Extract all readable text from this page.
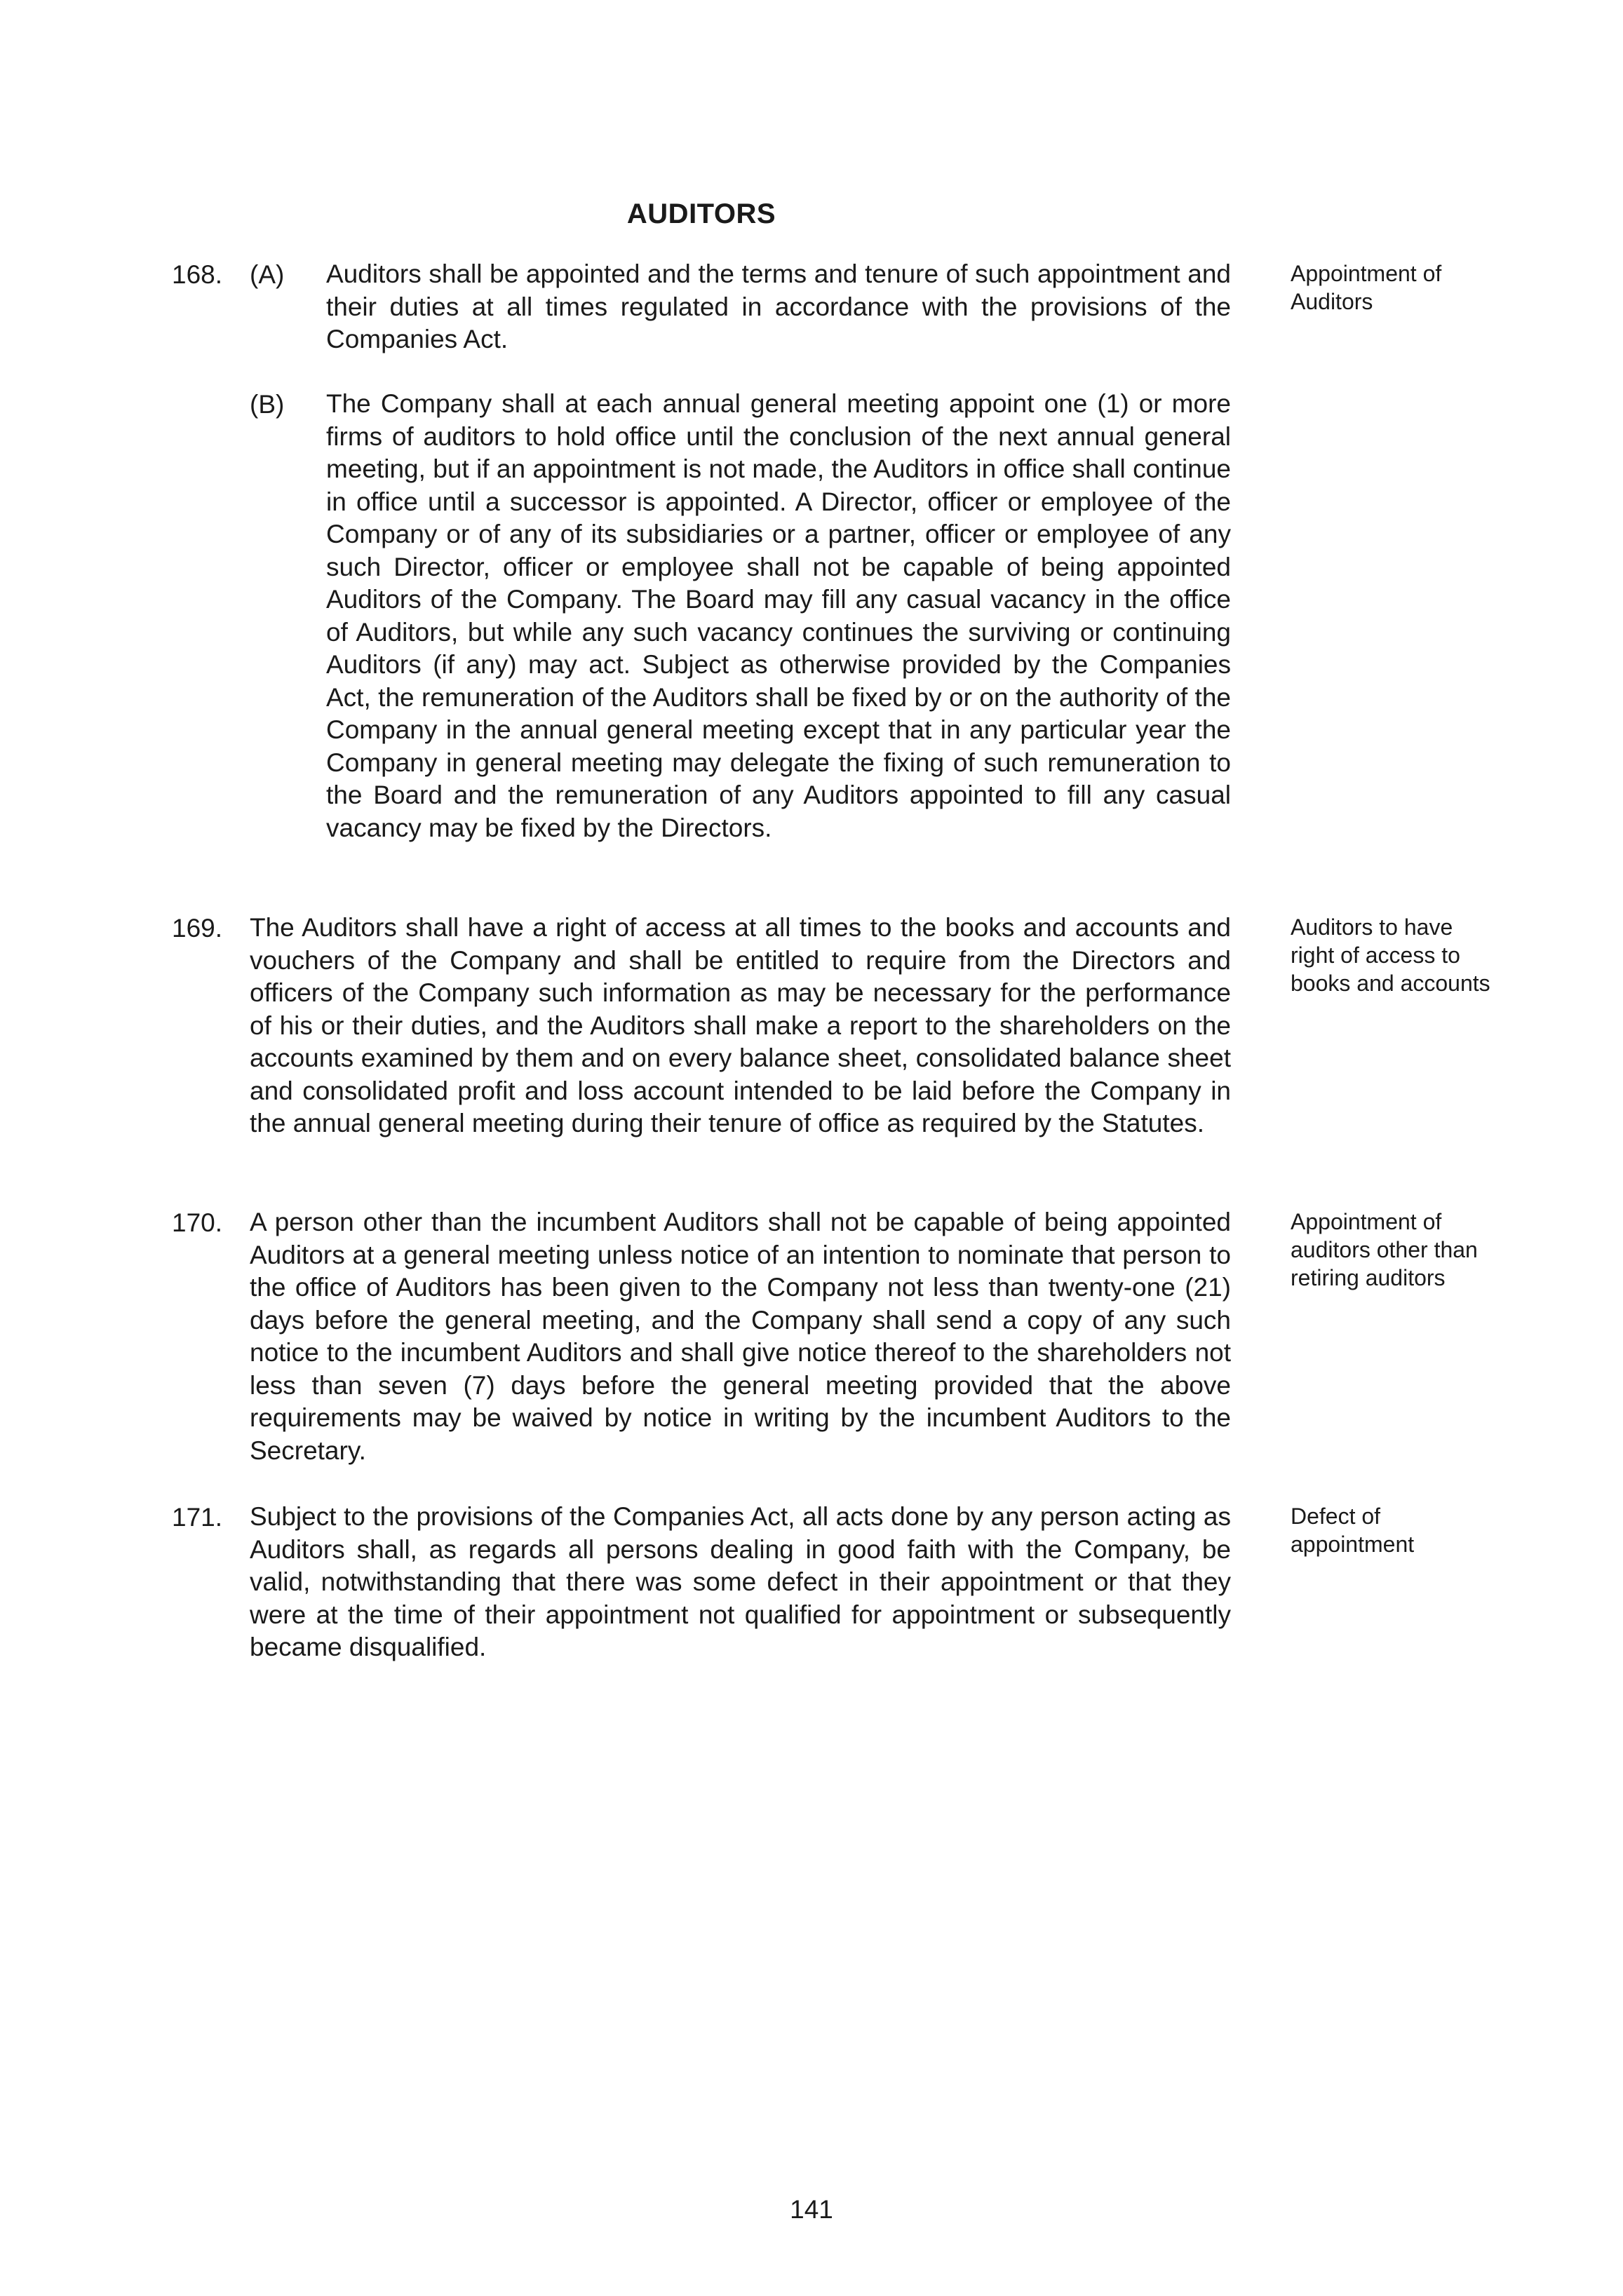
AUDITORS
168. (A) Auditors shall be appointed and the terms and tenure of such appointment and their duties at all times regulated in accordance with the provisions of the Companies Act.
Appointment of Auditors
(B) The Company shall at each annual general meeting appoint one (1) or more firms of auditors to hold office until the conclusion of the next annual general meeting, but if an appointment is not made, the Auditors in office shall continue in office until a successor is appointed. A Director, officer or employee of the Company or of any of its subsidiaries or a partner, officer or employee of any such Director, officer or employee shall not be capable of being appointed Auditors of the Company. The Board may fill any casual vacancy in the office of Auditors, but while any such vacancy continues the surviving or continuing Auditors (if any) may act. Subject as otherwise provided by the Companies Act, the remuneration of the Auditors shall be fixed by or on the authority of the Company in the annual general meeting except that in any particular year the Company in general meeting may delegate the fixing of such remuneration to the Board and the remuneration of any Auditors appointed to fill any casual vacancy may be fixed by the Directors.
169. The Auditors shall have a right of access at all times to the books and accounts and vouchers of the Company and shall be entitled to require from the Directors and officers of the Company such information as may be necessary for the performance of his or their duties, and the Auditors shall make a report to the shareholders on the accounts examined by them and on every balance sheet, consolidated balance sheet and consolidated profit and loss account intended to be laid before the Company in the annual general meeting during their tenure of office as required by the Statutes.
Auditors to have right of access to books and accounts
170. A person other than the incumbent Auditors shall not be capable of being appointed Auditors at a general meeting unless notice of an intention to nominate that person to the office of Auditors has been given to the Company not less than twenty-one (21) days before the general meeting, and the Company shall send a copy of any such notice to the incumbent Auditors and shall give notice thereof to the shareholders not less than seven (7) days before the general meeting provided that the above requirements may be waived by notice in writing by the incumbent Auditors to the Secretary.
Appointment of auditors other than retiring auditors
171. Subject to the provisions of the Companies Act, all acts done by any person acting as Auditors shall, as regards all persons dealing in good faith with the Company, be valid, notwithstanding that there was some defect in their appointment or that they were at the time of their appointment not qualified for appointment or subsequently became disqualified.
Defect of appointment
141
